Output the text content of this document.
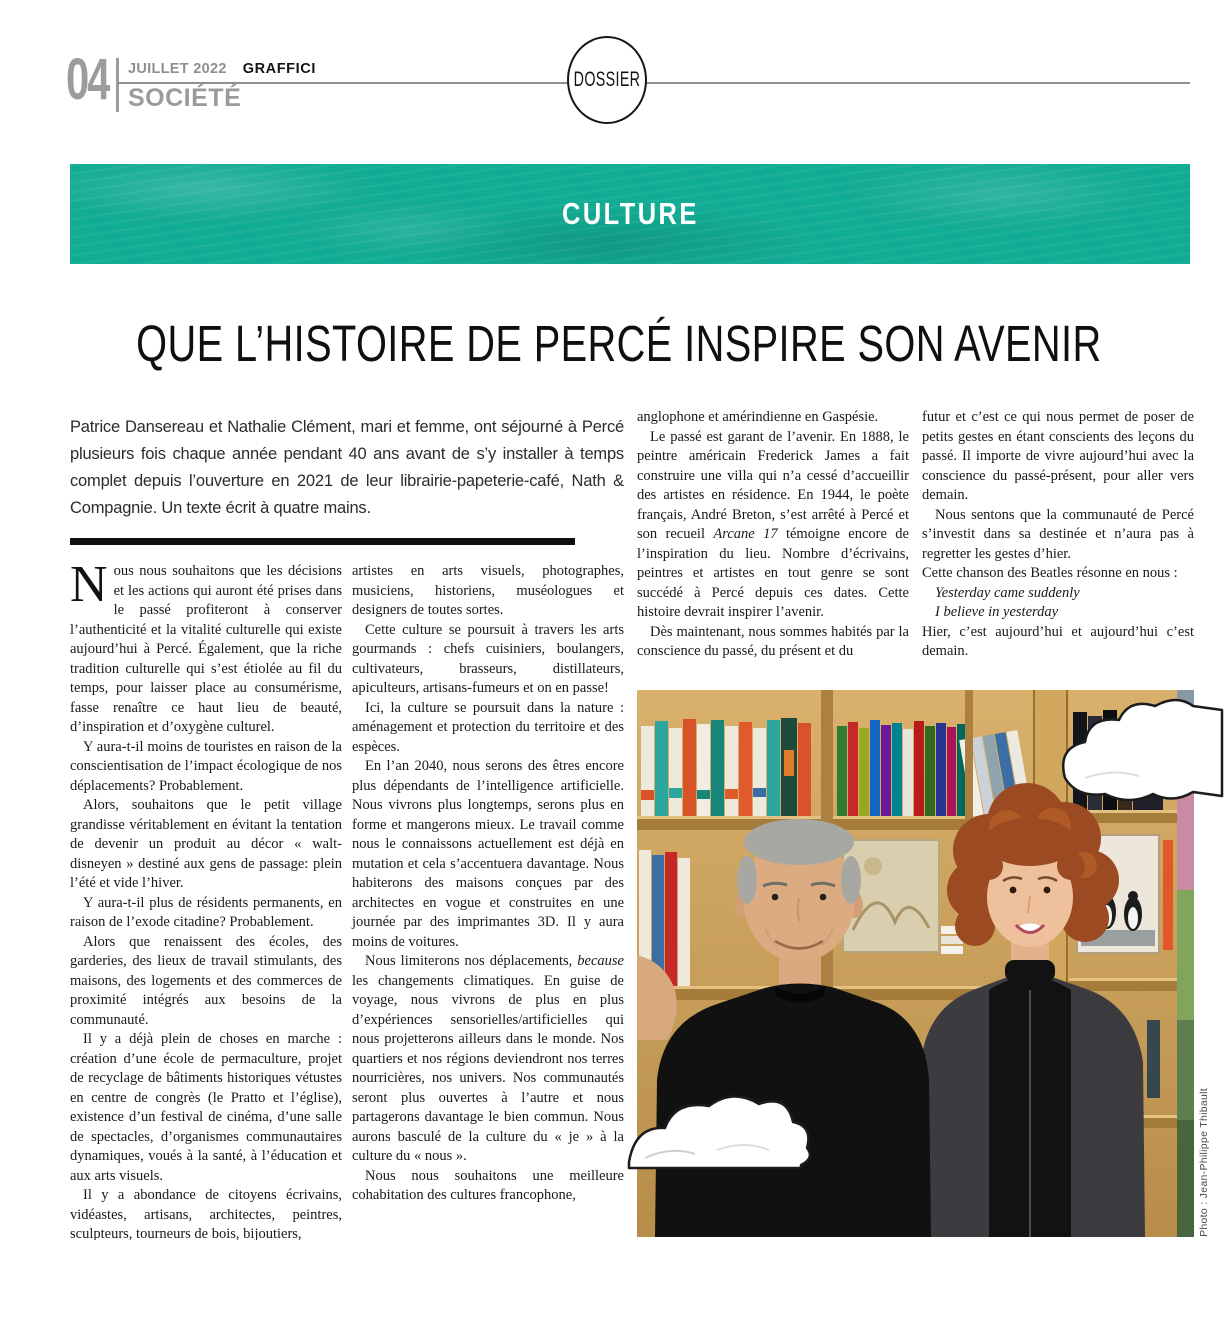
04 JUILLET 2022 GRAFFICI
SOCIÉTÉ
DOSSIER
CULTURE
QUE L’HISTOIRE DE PERCÉ INSPIRE SON AVENIR

Patrice Dansereau et Nathalie Clément, mari et femme, ont séjourné à Percé plusieurs fois chaque année pendant 40 ans avant de s’y installer à temps complet depuis l’ouverture en 2021 de leur librairie-papeterie-café, Nath & Compagnie. Un texte écrit à quatre mains.

Nous nous souhaitons que les décisions et les actions qui auront été prises dans le passé profiteront à conserver l’authenticité et la vitalité culturelle qui existe aujourd’hui à Percé. Également, que la riche tradition culturelle qui s’est étiolée au fil du temps, pour laisser place au consumérisme, fasse renaître ce haut lieu de beauté, d’inspiration et d’oxygène culturel.

Y aura-t-il moins de touristes en raison de la conscientisation de l’impact écologique de nos déplacements? Probablement.

Alors, souhaitons que le petit village grandisse véritablement en évitant la tentation de devenir un produit au décor « walt-disneyen » destiné aux gens de passage: plein l’été et vide l’hiver.

Y aura-t-il plus de résidents permanents, en raison de l’exode citadine? Probablement.

Alors que renaissent des écoles, des garderies, des lieux de travail stimulants, des maisons, des logements et des commerces de proximité intégrés aux besoins de la communauté.

Il y a déjà plein de choses en marche : création d’une école de permaculture, projet de recyclage de bâtiments historiques vétustes en centre de congrès (le Pratto et l’église), existence d’un festival de cinéma, d’une salle de spectacles, d’organismes communautaires dynamiques, voués à la santé, à l’éducation et aux arts visuels.

Il y a abondance de citoyens écrivains, vidéastes, artisans, architectes, peintres, sculpteurs, tourneurs de bois, bijoutiers,

artistes en arts visuels, photographes, musiciens, historiens, muséologues et designers de toutes sortes.

Cette culture se poursuit à travers les arts gourmands : chefs cuisiniers, boulangers, cultivateurs, brasseurs, distillateurs, apiculteurs, artisans-fumeurs et on en passe!

Ici, la culture se poursuit dans la nature : aménagement et protection du territoire et des espèces.

En l’an 2040, nous serons des êtres encore plus dépendants de l’intelligence artificielle. Nous vivrons plus longtemps, serons plus en forme et mangerons mieux. Le travail comme nous le connaissons actuellement est déjà en mutation et cela s’accentuera davantage. Nous habiterons des maisons conçues par des architectes en vogue et construites en une journée par des imprimantes 3D. Il y aura moins de voitures.

Nous limiterons nos déplacements, because les changements climatiques. En guise de voyage, nous vivrons de plus en plus d’expériences sensorielles/artificielles qui nous projetterons ailleurs dans le monde. Nos quartiers et nos régions deviendront nos terres nourricières, nos univers. Nos communautés seront plus ouvertes à l’autre et nous partagerons davantage le bien commun. Nous aurons basculé de la culture du « je » à la culture du « nous ».

Nous nous souhaitons une meilleure cohabitation des cultures francophone,

anglophone et amérindienne en Gaspésie.

Le passé est garant de l’avenir. En 1888, le peintre américain Frederick James a fait construire une villa qui n’a cessé d’accueillir des artistes en résidence. En 1944, le poète français, André Breton, s’est arrêté à Percé et son recueil Arcane 17 témoigne encore de l’inspiration du lieu. Nombre d’écrivains, peintres et artistes en tout genre se sont succédé à Percé depuis ces dates. Cette histoire devrait inspirer l’avenir.

Dès maintenant, nous sommes habités par la conscience du passé, du présent et du

futur et c’est ce qui nous permet de poser de petits gestes en étant conscients des leçons du passé. Il importe de vivre aujourd’hui avec la conscience du passé-présent, pour aller vers demain.

Nous sentons que la communauté de Percé s’investit dans sa destinée et n’aura pas à regretter les gestes d’hier.

Cette chanson des Beatles résonne en nous :

Yesterday came suddenly

I believe in yesterday

Hier, c’est aujourd’hui et aujourd’hui c’est demain.

Photo : Jean-Philippe Thibault
